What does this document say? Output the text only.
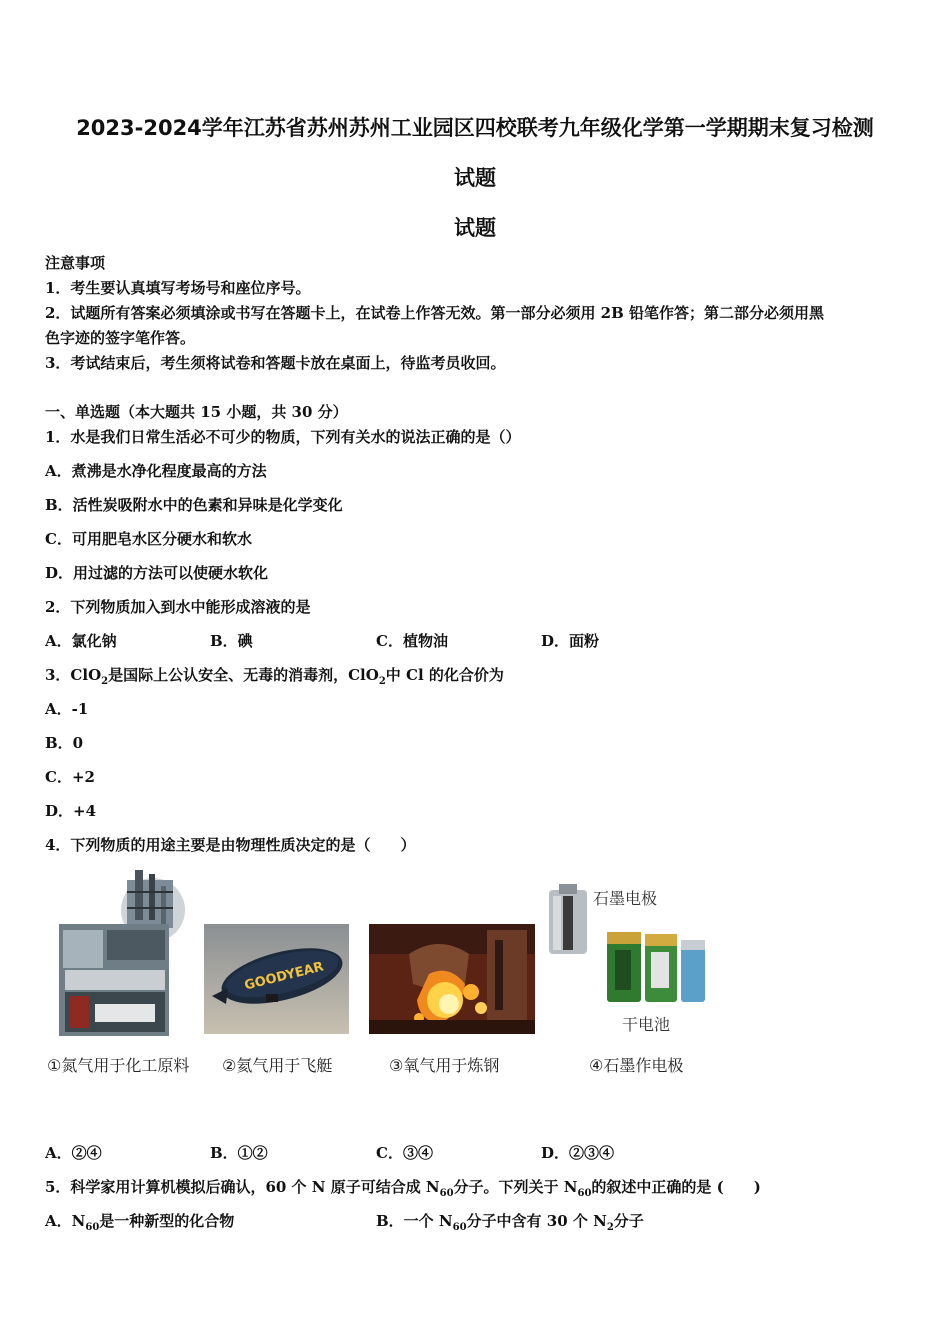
2023-2024学年江苏省苏州苏州工业园区四校联考九年级化学第一学期期末复习检测
试题
试题
注意事项
1．考生要认真填写考场号和座位序号。
2．试题所有答案必须填涂或书写在答题卡上，在试卷上作答无效。第一部分必须用 2B 铅笔作答；第二部分必须用黑
色字迹的签字笔作答。
3．考试结束后，考生须将试卷和答题卡放在桌面上，待监考员收回。
一、单选题（本大题共 15 小题，共 30 分）
1．水是我们日常生活必不可少的物质，下列有关水的说法正确的是（）
A．煮沸是水净化程度最高的方法
B．活性炭吸附水中的色素和异味是化学变化
C．可用肥皂水区分硬水和软水
D．用过滤的方法可以使硬水软化
2．下列物质加入到水中能形成溶液的是
A．氯化钠	B．碘	C．植物油	D．面粉
3．ClO$_2$是国际上公认安全、无毒的消毒剂，ClO$_2$中 Cl 的化合价为
A．-1
B．0
C．+2
D．+4
4．下列物质的用途主要是由物理性质决定的是（　　）
GOODYEAR
石墨电极
干电池
①氮气用于化工原料 ②氦气用于飞艇	③氧气用于炼钢	④石墨作电极
A．②④	B．①②	C．③④	D．②③④
5．科学家用计算机模拟后确认，60 个 N 原子可结合成 $N_{60}$分子。下列关于 $N_{60}$的叙述中正确的是 (　　)
A．$N_{60}$是一种新型的化合物	B．一个 $N_{60}$分子中含有 30 个 $N_2$分子
